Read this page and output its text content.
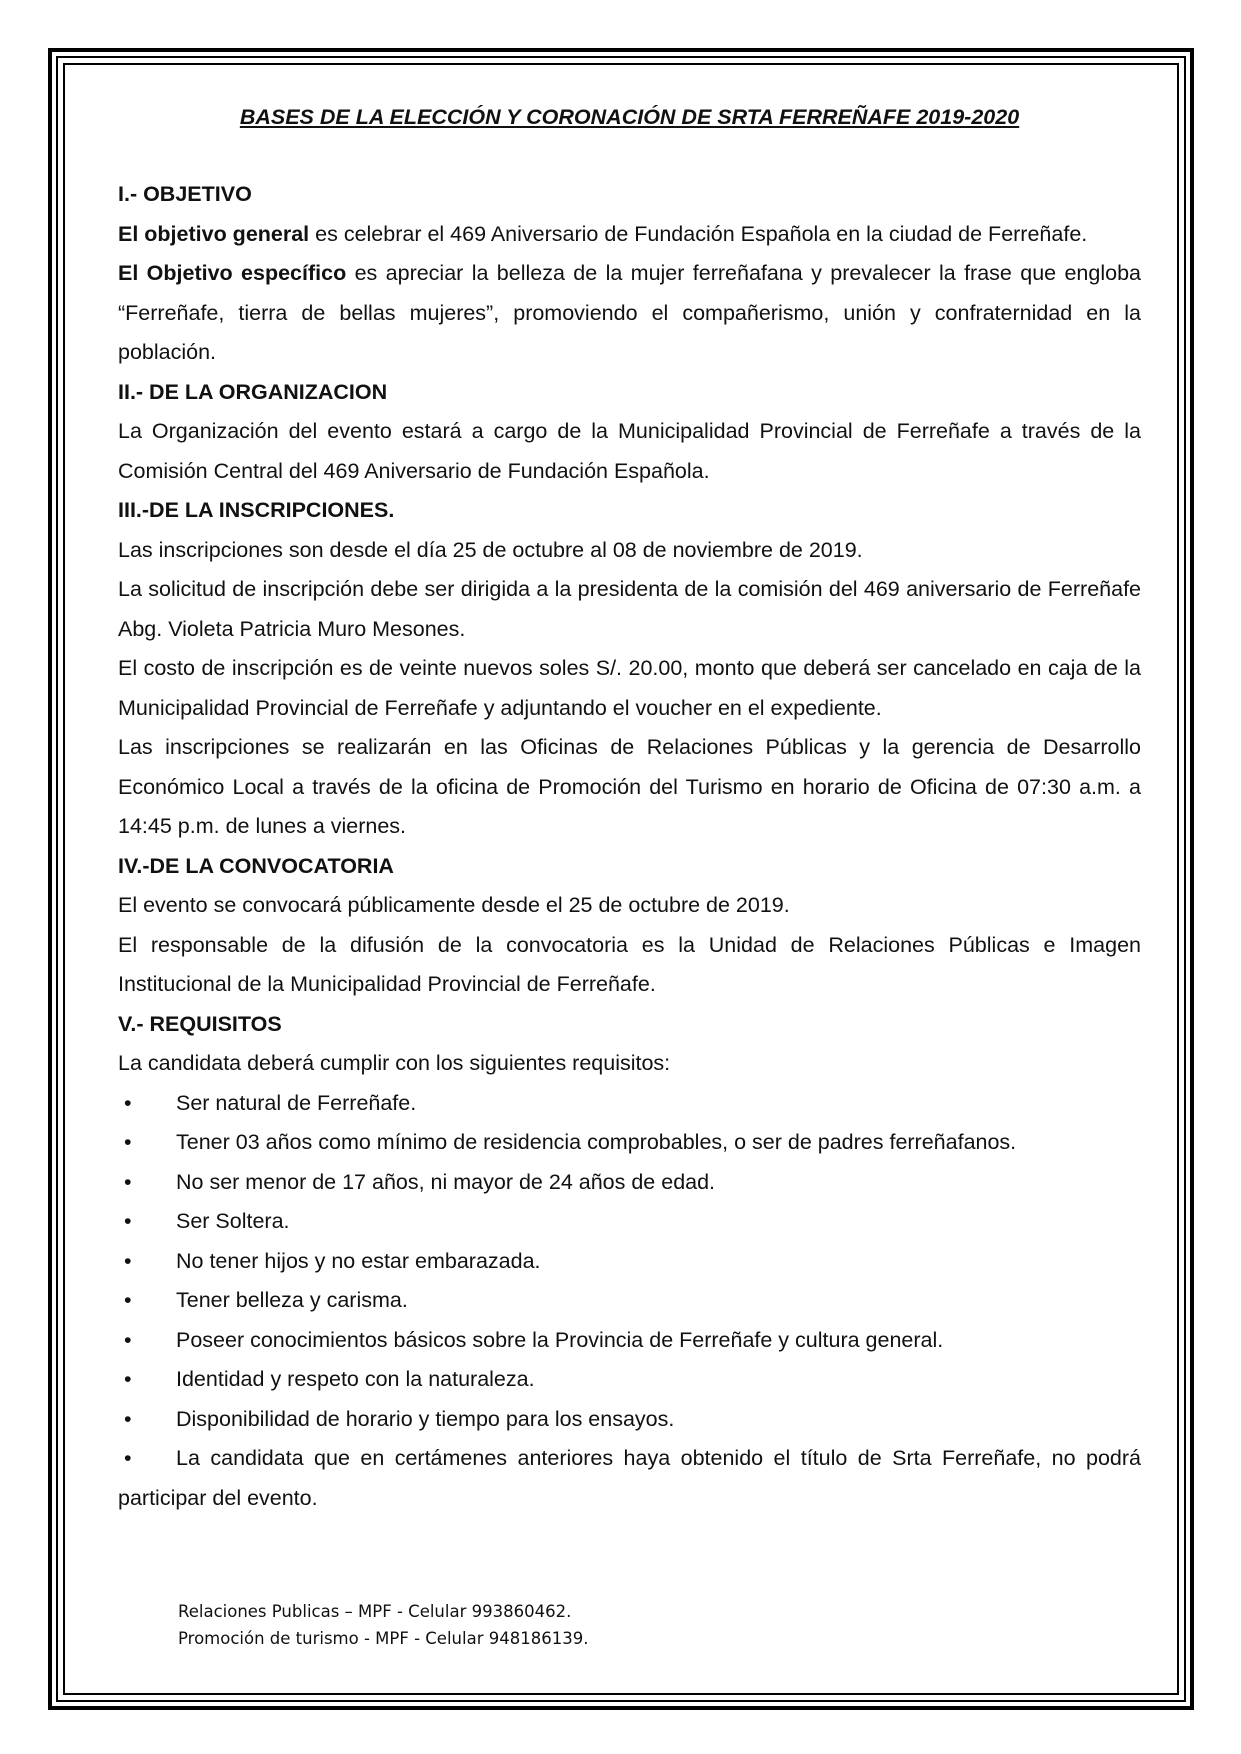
BASES DE LA ELECCIÓN Y CORONACIÓN DE SRTA FERREÑAFE 2019-2020

I.- OBJETIVO

El objetivo general es celebrar el 469 Aniversario de Fundación Española en la ciudad de Ferreñafe.

El Objetivo específico es apreciar la belleza de la mujer ferreñafana y prevalecer la frase que engloba “Ferreñafe, tierra de bellas mujeres”, promoviendo el compañerismo, unión y confraternidad en la población.

II.- DE LA ORGANIZACION

La Organización del evento estará a cargo de la Municipalidad Provincial de Ferreñafe a través de la Comisión Central del 469 Aniversario de Fundación Española.

III.-DE LA INSCRIPCIONES.

Las inscripciones son desde el día 25 de octubre al 08 de noviembre de 2019.

La solicitud de inscripción debe ser dirigida a la presidenta de la comisión del 469 aniversario de Ferreñafe Abg. Violeta Patricia Muro Mesones.

El costo de inscripción es de veinte nuevos soles S/. 20.00, monto que deberá ser cancelado en caja de la Municipalidad Provincial de Ferreñafe y adjuntando el voucher en el expediente.

Las inscripciones se realizarán en las Oficinas de Relaciones Públicas y la gerencia de Desarrollo Económico Local a través de la oficina de Promoción del Turismo en horario de Oficina de 07:30 a.m. a 14:45 p.m. de lunes a viernes.

IV.-DE LA CONVOCATORIA

El evento se convocará públicamente desde el 25 de octubre de 2019.

El responsable de la difusión de la convocatoria es la Unidad de Relaciones Públicas e Imagen Institucional de la Municipalidad Provincial de Ferreñafe.

V.- REQUISITOS

La candidata deberá cumplir con los siguientes requisitos:

• Ser natural de Ferreñafe.
• Tener 03 años como mínimo de residencia comprobables, o ser de padres ferreñafanos.
• No ser menor de 17 años, ni mayor de 24 años de edad.
• Ser Soltera.
• No tener hijos y no estar embarazada.
• Tener belleza y carisma.
• Poseer conocimientos básicos sobre la Provincia de Ferreñafe y cultura general.
• Identidad y respeto con la naturaleza.
• Disponibilidad de horario y tiempo para los ensayos.
• La candidata que en certámenes anteriores haya obtenido el título de Srta Ferreñafe, no podrá participar del evento.
Relaciones Publicas – MPF - Celular 993860462.
Promoción de turismo - MPF - Celular 948186139.
